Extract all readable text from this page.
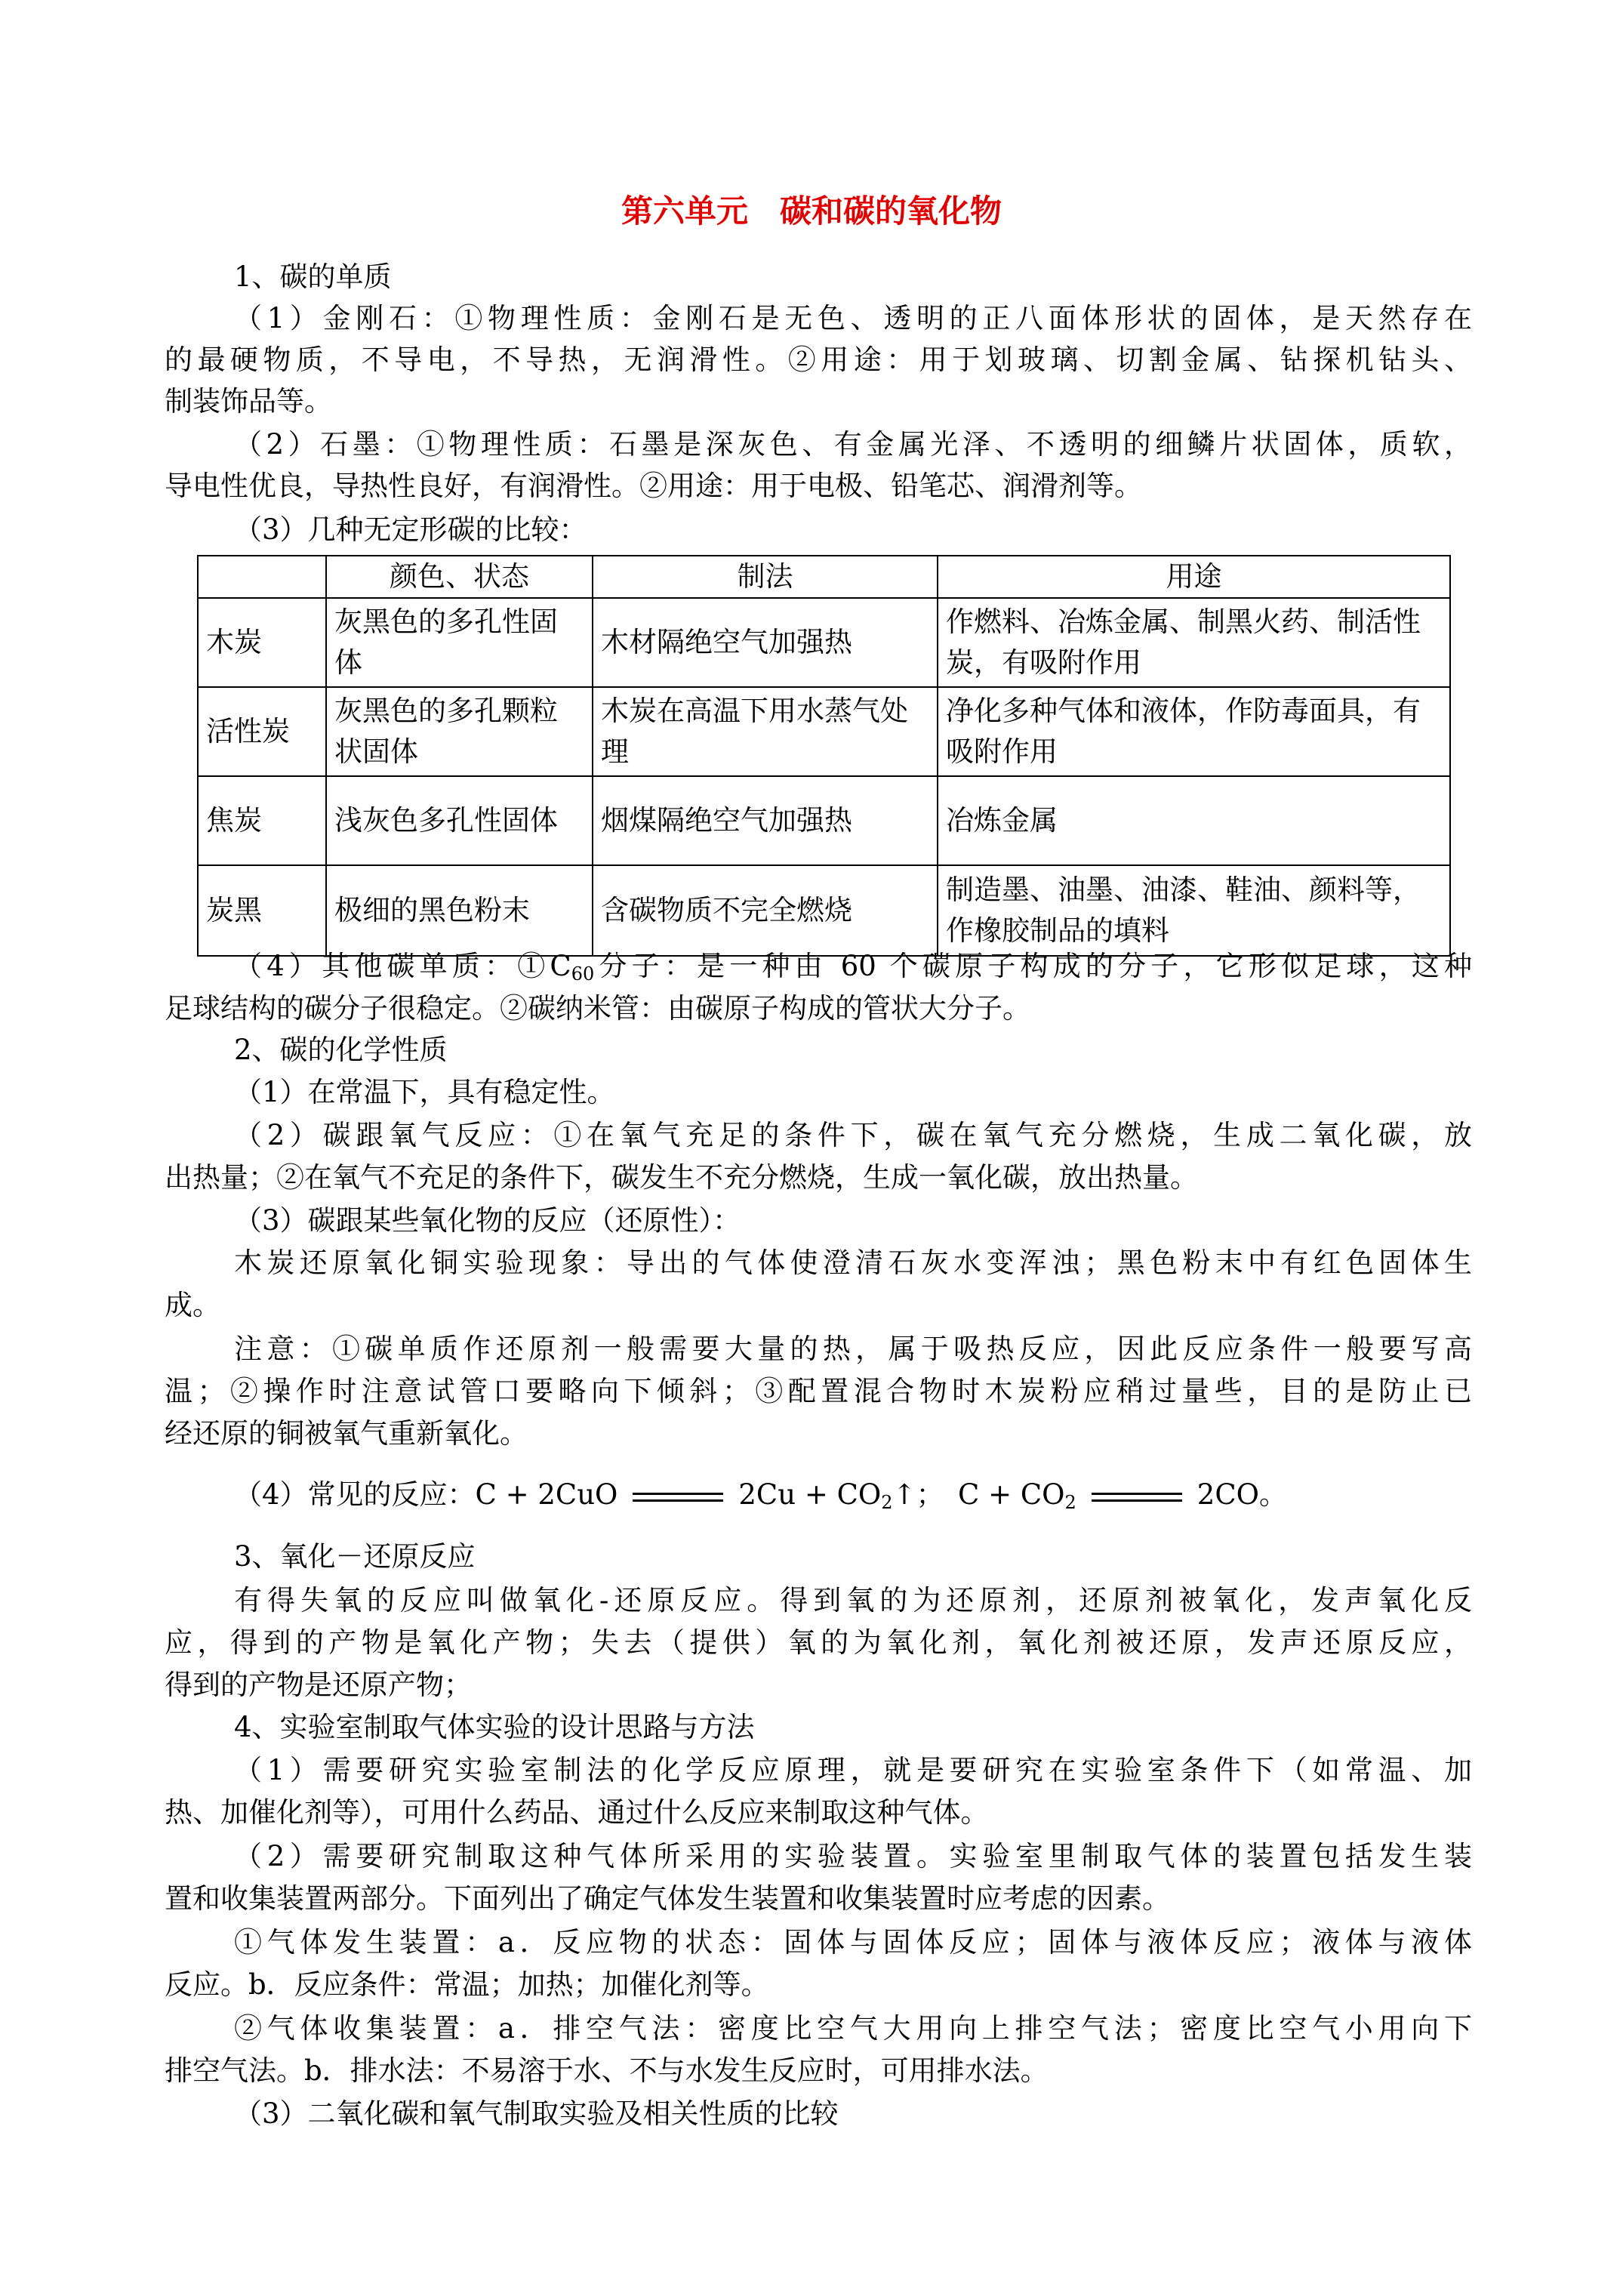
第六单元　碳和碳的氧化物
1、碳的单质
（1）金刚石：①物理性质：金刚石是无色、透明的正八面体形状的固体，是天然存在
的最硬物质，不导电，不导热，无润滑性。②用途：用于划玻璃、切割金属、钻探机钻头、
制装饰品等。
（2）石墨：①物理性质：石墨是深灰色、有金属光泽、不透明的细鳞片状固体，质软，
导电性优良，导热性良好，有润滑性。②用途：用于电极、铅笔芯、润滑剂等。
（3）几种无定形碳的比较：
	颜色、状态	制法	用途
木炭	灰黑色的多孔性固体	木材隔绝空气加强热	作燃料、冶炼金属、制黑火药、制活性炭，有吸附作用
活性炭	灰黑色的多孔颗粒状固体	木炭在高温下用水蒸气处理	净化多种气体和液体，作防毒面具，有吸附作用
焦炭	浅灰色多孔性固体	烟煤隔绝空气加强热	冶炼金属
炭黑	极细的黑色粉末	含碳物质不完全燃烧	制造墨、油墨、油漆、鞋油、颜料等，作橡胶制品的填料
（4）其他碳单质：$①C_{60}$分子：是一种由 60 个碳原子构成的分子，它形似足球，这种
足球结构的碳分子很稳定。②碳纳米管：由碳原子构成的管状大分子。
2、碳的化学性质
（1）在常温下，具有稳定性。
（2）碳跟氧气反应：①在氧气充足的条件下，碳在氧气充分燃烧，生成二氧化碳，放
出热量；②在氧气不充足的条件下，碳发生不充分燃烧，生成一氧化碳，放出热量。
（3）碳跟某些氧化物的反应（还原性）：
木炭还原氧化铜实验现象：导出的气体使澄清石灰水变浑浊；黑色粉末中有红色固体生
成。
注意：①碳单质作还原剂一般需要大量的热，属于吸热反应，因此反应条件一般要写高
温；②操作时注意试管口要略向下倾斜；③配置混合物时木炭粉应稍过量些，目的是防止已
经还原的铜被氧气重新氧化。
（4）常见的反应：C + 2CuO	$2Cu + CO_2↑$；　$C + CO_2$	2CO。
3、氧化－还原反应
有得失氧的反应叫做氧化-还原反应。得到氧的为还原剂，还原剂被氧化，发声氧化反
应，得到的产物是氧化产物；失去（提供）氧的为氧化剂，氧化剂被还原，发声还原反应，
得到的产物是还原产物；
4、实验室制取气体实验的设计思路与方法
（1）需要研究实验室制法的化学反应原理，就是要研究在实验室条件下（如常温、加
热、加催化剂等），可用什么药品、通过什么反应来制取这种气体。
（2）需要研究制取这种气体所采用的实验装置。实验室里制取气体的装置包括发生装
置和收集装置两部分。下面列出了确定气体发生装置和收集装置时应考虑的因素。
①气体发生装置：a．反应物的状态：固体与固体反应；固体与液体反应；液体与液体
反应。b．反应条件：常温；加热；加催化剂等。
②气体收集装置：a．排空气法：密度比空气大用向上排空气法；密度比空气小用向下
排空气法。b．排水法：不易溶于水、不与水发生反应时，可用排水法。
（3）二氧化碳和氧气制取实验及相关性质的比较
